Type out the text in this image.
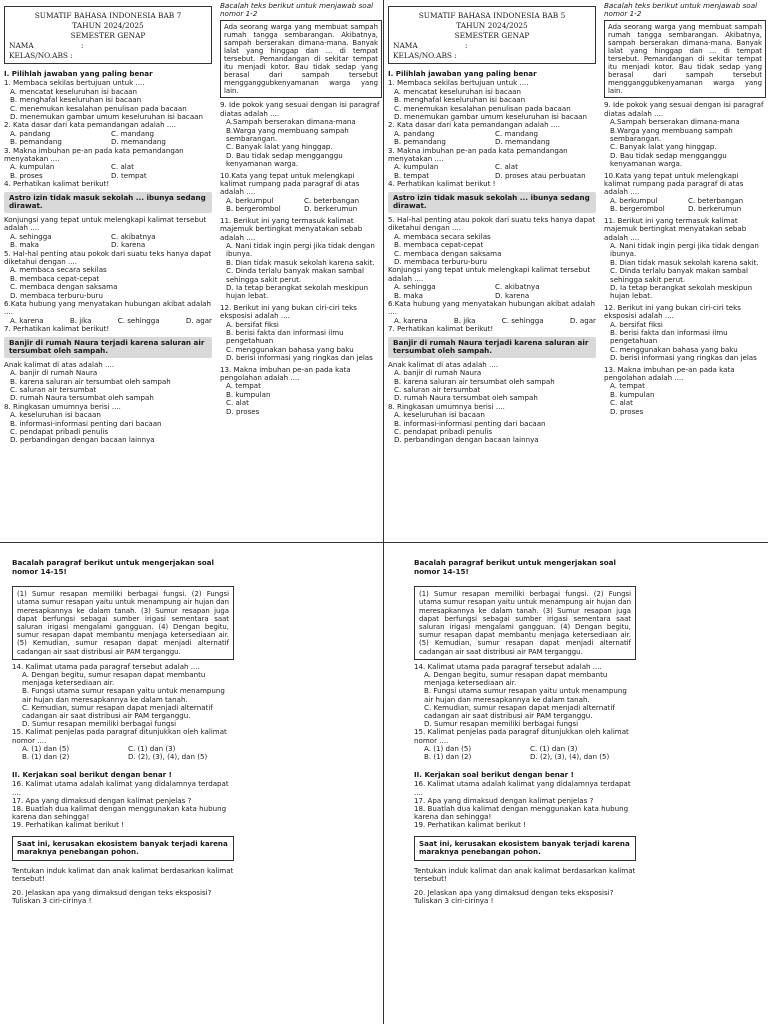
SUMATIF BAHASA INDONESIA BAB 7
TAHUN 2024/2025
SEMESTER GENAP
NAMA	:
KELAS/NO.ABS :
I. Pilihlah jawaban yang paling benar

1. Membaca sekilas bertujuan untuk ....

A. mencatat keseluruhan isi bacaan
B. menghafal keseluruhan isi bacaan
C. menemukan kesalahan penulisan pada bacaan
D. menemukan gambar umum keseluruhan isi bacaan

2. Kata dasar dari kata pemandangan adalah ....

A. pandang	C. mandang
B. pemandang	D. memandang

3. Makna imbuhan pe-an pada kata pemandangan menyatakan ....

A. kumpulan	C. alat
B. proses	D. tempat

4. Perhatikan kalimat berikut!

Astro izin tidak masuk sekolah ... ibunya sedang dirawat.

Konjungsi yang tepat untuk melengkapi kalimat tersebut adalah ....

A. sehingga	C. akibatnya
B. maka	D. karena

5. Hal-hal penting atau pokok dari suatu teks hanya dapat diketahui dengan ....

A. membaca secara sekilas
B. membaca cepat-cepat
C. membaca dengan saksama
D. membaca terburu-buru

6.Kata hubung yang menyatakan hubungan akibat adalah ....

A. karena	B. jika	C. sehingga	D. agar

7. Perhatikan kalimat berikut!

Banjir di rumah Naura terjadi karena saluran air tersumbat oleh sampah.

Anak kalimat di atas adalah ....

A. banjir di rumah Naura
B. karena saluran air tersumbat oleh sampah
C. saluran air tersumbat
D. rumah Naura tersumbat oleh sampah

8. Ringkasan umumnya berisi ....

A. keseluruhan isi bacaan
B. informasi-informasi penting dari bacaan
C. pendapat pribadi penulis
D. perbandingan dengan bacaan lainnya
Bacalah teks berikut untuk menjawab soal nomor 1-2
Ada seorang warga yang membuat sampah rumah tangga sembarangan. Akibatnya, sampah berserakan dimana-mana. Banyak lalat yang hinggap dan ... di tempat tersebut. Pemandangan di sekitar tempat itu menjadi kotor. Bau tidak sedap yang berasal dari sampah tersebut mengganggubkenyamanan warga yang lain.

9. Ide pokok yang sesuai dengan isi paragraf diatas adalah ....

A.Sampah berserakan dimana-mana
B.Warga yang membuang sampah sembarangan.
C. Banyak lalat yang hinggap.
D. Bau tidak sedap mengganggu kenyamanan warga.

10.Kata yang tepat untuk melengkapi kalimat rumpang pada paragraf di atas adalah ....

A. berkumpul	C. beterbangan
B. bergerombol	D. berkerumun

11. Berikut ini yang termasuk kalimat majemuk bertingkat menyatakan sebab adalah ....

A. Nani tidak ingin pergi jika tidak dengan ibunya.
B. Dian tidak masuk sekolah karena sakit.
C. Dinda terlalu banyak makan sambal sehingga sakit perut.
D. Ia tetap berangkat sekolah meskipun hujan lebat.

12. Berikut ini yang bukan ciri-ciri teks eksposisi adalah ....

A. bersifat fiksi
B. berisi fakta dan informasi ilmu pengetahuan
C. menggunakan bahasa yang baku
D. berisi informasi yang ringkas dan jelas

13. Makna imbuhan pe-an pada kata pengolahan adalah ....

A. tempat
B. kumpulan
C. alat
D. proses
SUMATIF BAHASA INDONESIA BAB 5
TAHUN 2024/2025
SEMESTER GENAP
NAMA	:
KELAS/NO.ABS :
I. Pilihlah jawaban yang paling benar

1. Membaca sekilas bertujuan untuk ....

A. mencatat keseluruhan isi bacaan
B. menghafal keseluruhan isi bacaan
C. menemukan kesalahan penulisan pada bacaan
D. menemukan gambar umum keseluruhan isi bacaan

2. Kata dasar dari kata pemandangan adalah ....

A. pandang	C. mandang
B. pemandang	D. memandang

3. Makna imbuhan pe-an pada kata pemandangan menyatakan ....

A. kumpulan	C. alat
B. tempat	D. proses atau perbuatan

4. Perhatikan kalimat berikut !

Astro izin tidak masuk sekolah ... ibunya sedang dirawat.

5. Hal-hal penting atau pokok dari suatu teks hanya dapat diketahui dengan ....

A. membaca secara sekilas
B. membaca cepat-cepat
C. membaca dengan saksama
D. membaca terburu-buru

Konjungsi yang tepat untuk melengkapi kalimat tersebut adalah ....

A. sehingga	C. akibatnya
B. maka	D. karena

6.Kata hubung yang menyatakan hubungan akibat adalah ....

A. karena	B. jika	C. sehingga	D. agar

7. Perhatikan kalimat berikut!

Banjir di rumah Naura terjadi karena saluran air tersumbat oleh sampah.

Anak kalimat di atas adalah ....

A. banjir di rumah Naura
B. karena saluran air tersumbat oleh sampah
C. saluran air tersumbat
D. rumah Naura tersumbat oleh sampah

8. Ringkasan umumnya berisi ....

A. keseluruhan isi bacaan
B. informasi-informasi penting dari bacaan
C. pendapat pribadi penulis
D. perbandingan dengan bacaan lainnya
Bacalah teks berikut untuk menjawab soal nomor 1-2
Ada seorang warga yang membuat sampah rumah tangga sembarangan. Akibatnya, sampah berserakan dimana-mana. Banyak lalat yang hinggap dan ... di tempat tersebut. Pemandangan di sekitar tempat itu menjadi kotor. Bau tidak sedap yang berasal dari sampah tersebut mengganggubkenyamanan warga yang lain.

9. Ide pokok yang sesuai dengan isi paragraf diatas adalah ....

A.Sampah berserakan dimana-mana
B.Warga yang membuang sampah sembarangan.
C. Banyak lalat yang hinggap.
D. Bau tidak sedap mengganggu kenyamanan warga.

10.Kata yang tepat untuk melengkapi kalimat rumpang pada paragraf di atas adalah ....

A. berkumpul	C. beterbangan
B. bergerombol	D. berkerumun

11. Berikut ini yang termasuk kalimat majemuk bertingkat menyatakan sebab adalah ....

A. Nani tidak ingin pergi jika tidak dengan ibunya.
B. Dian tidak masuk sekolah karena sakit.
C. Dinda terlalu banyak makan sambal sehingga sakit perut.
D. Ia tetap berangkat sekolah meskipun hujan lebat.

12. Berikut ini yang bukan ciri-ciri teks eksposisi adalah ....

A. bersifat fiksi
B. berisi fakta dan informasi ilmu pengetahuan
C. menggunakan bahasa yang baku
D. berisi informasi yang ringkas dan jelas

13. Makna imbuhan pe-an pada kata pengolahan adalah ....

A. tempat
B. kumpulan
C. alat
D. proses
Bacalah paragraf berikut untuk mengerjakan soal nomor 14-15!
(1) Sumur resapan memiliki berbagai fungsi. (2) Fungsi utama sumur resapan yaitu untuk menampung air hujan dan meresapkannya ke dalam tanah. (3) Sumur resapan juga dapat berfungsi sebagai sumber irigasi sementara saat saluran irigasi mengalami gangguan. (4) Dengan begitu, sumur resapan dapat membantu menjaga ketersediaan air. (5) Kemudian, sumur resapan dapat menjadi alternatif cadangan air saat distribusi air PAM terganggu.

14. Kalimat utama pada paragraf tersebut adalah ....

A. Dengan begitu, sumur resapan dapat membantu menjaga ketersediaan air.
B. Fungsi utama sumur resapan yaitu untuk menampung air hujan dan meresapkannya ke dalam tanah.
C. Kemudian, sumur resapan dapat menjadi alternatif cadangan air saat distribusi air PAM terganggu.
D. Sumur resapan memiliki berbagai fungsi

15. Kalimat penjelas pada paragraf ditunjukkan oleh kalimat nomor ....

A. (1) dan (5)	C. (1) dan (3)
B. (1) dan (2)	D. (2), (3), (4), dan (5)
II. Kerjakan soal berikut dengan benar !

16. Kalimat utama adalah kalimat yang didalamnya terdapat ....

17. Apa yang dimaksud dengan kalimat penjelas ?

18. Buatlah dua kalimat dengan menggunakan kata hubung karena dan sehingga!

19. Perhatikan kalimat berikut !

Saat ini, kerusakan ekosistem banyak terjadi karena maraknya penebangan pohon.

Tentukan induk kalimat dan anak kalimat berdasarkan kalimat tersebut!

20. Jelaskan apa yang dimaksud dengan teks eksposisi? Tuliskan 3 ciri-cirinya !

Bacalah paragraf berikut untuk mengerjakan soal nomor 14-15!
(1) Sumur resapan memiliki berbagai fungsi. (2) Fungsi utama sumur resapan yaitu untuk menampung air hujan dan meresapkannya ke dalam tanah. (3) Sumur resapan juga dapat berfungsi sebagai sumber irigasi sementara saat saluran irigasi mengalami gangguan. (4) Dengan begitu, sumur resapan dapat membantu menjaga ketersediaan air. (5) Kemudian, sumur resapan dapat menjadi alternatif cadangan air saat distribusi air PAM terganggu.

14. Kalimat utama pada paragraf tersebut adalah ....

A. Dengan begitu, sumur resapan dapat membantu menjaga ketersediaan air.
B. Fungsi utama sumur resapan yaitu untuk menampung air hujan dan meresapkannya ke dalam tanah.
C. Kemudian, sumur resapan dapat menjadi alternatif cadangan air saat distribusi air PAM terganggu.
D. Sumur resapan memiliki berbagai fungsi

15. Kalimat penjelas pada paragraf ditunjukkan oleh kalimat nomor ....

A. (1) dan (5)	C. (1) dan (3)
B. (1) dan (2)	D. (2), (3), (4), dan (5)
II. Kerjakan soal berikut dengan benar !

16. Kalimat utama adalah kalimat yang didalamnya terdapat ....

17. Apa yang dimaksud dengan kalimat penjelas ?

18. Buatlah dua kalimat dengan menggunakan kata hubung karena dan sehingga!

19. Perhatikan kalimat berikut !

Saat ini, kerusakan ekosistem banyak terjadi karena maraknya penebangan pohon.

Tentukan induk kalimat dan anak kalimat berdasarkan kalimat tersebut!

20. Jelaskan apa yang dimaksud dengan teks eksposisi? Tuliskan 3 ciri-cirinya !
